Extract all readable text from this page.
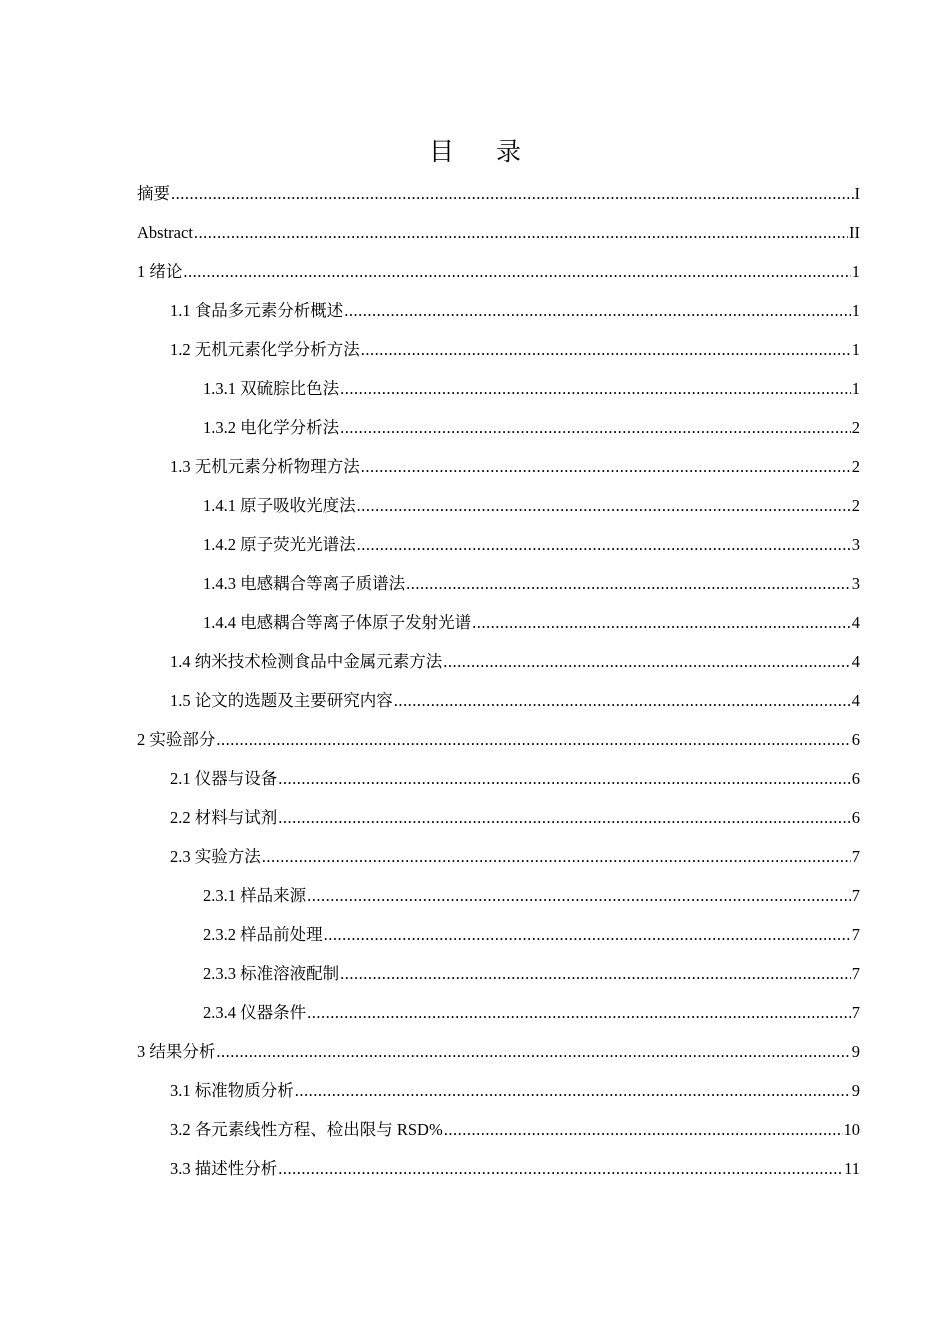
目录
摘要 .....	I
Abstract .....	II
1 绪论 .....	1
1.1 食品多元素分析概述 .....	1
1.2 无机元素化学分析方法 .....	1
1.3.1 双硫腙比色法 .....	1
1.3.2 电化学分析法 .....	2
1.3 无机元素分析物理方法 .....	2
1.4.1 原子吸收光度法 .....	2
1.4.2 原子荧光光谱法 .....	3
1.4.3 电感耦合等离子质谱法 .....	3
1.4.4 电感耦合等离子体原子发射光谱 .....	4
1.4 纳米技术检测食品中金属元素方法 .....	4
1.5 论文的选题及主要研究内容 .....	4
2 实验部分 .....	6
2.1 仪器与设备 .....	6
2.2 材料与试剂 .....	6
2.3 实验方法 .....	7
2.3.1 样品来源 .....	7
2.3.2 样品前处理 .....	7
2.3.3 标准溶液配制 .....	7
2.3.4 仪器条件 .....	7
3 结果分析 .....	9
3.1 标准物质分析 .....	9
3.2 各元素线性方程、检出限与 RSD% .....	10
3.3 描述性分析 .....	11
